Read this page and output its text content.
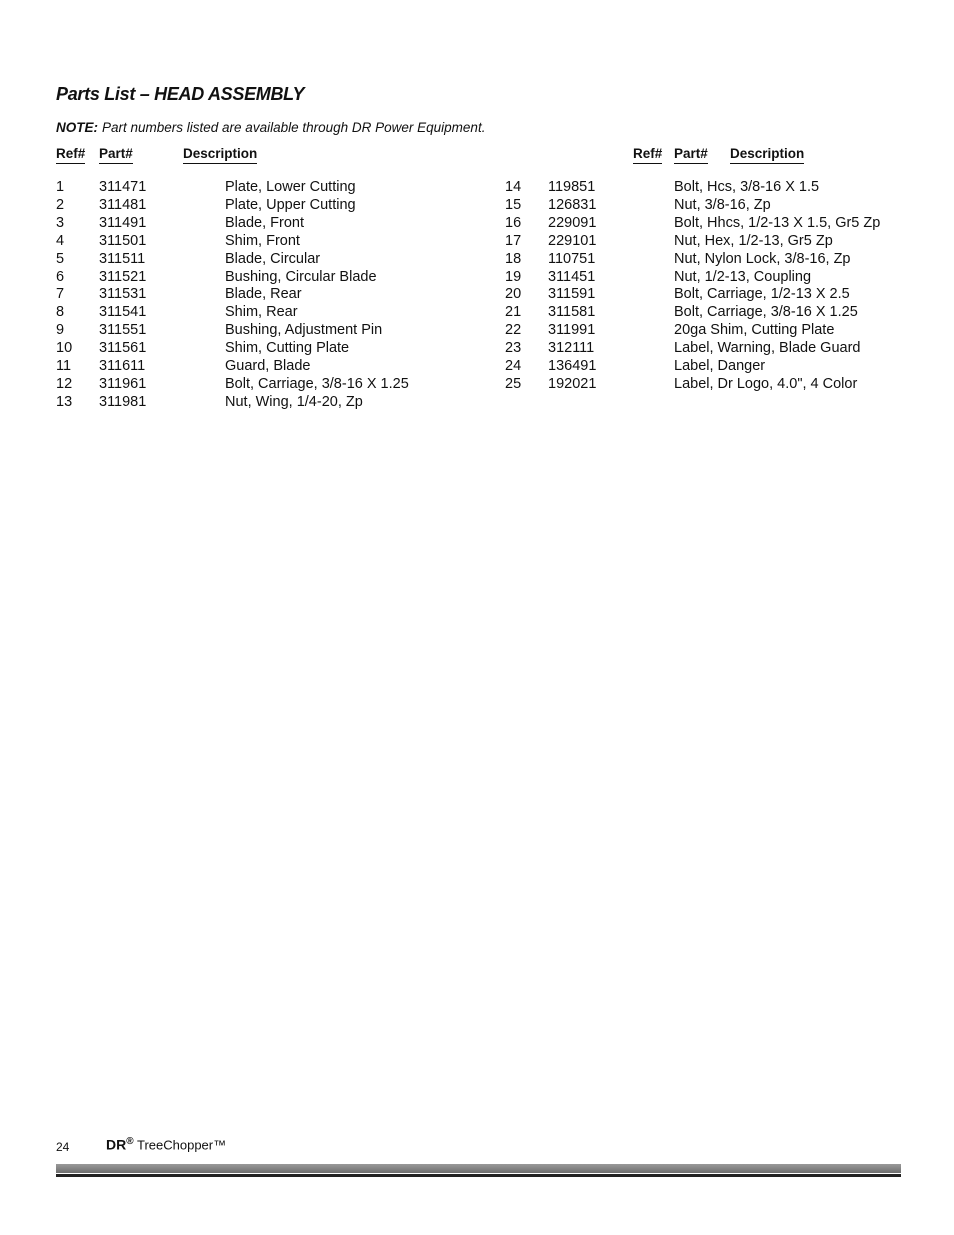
Parts List – HEAD ASSEMBLY
NOTE: Part numbers listed are available through DR Power Equipment.
Ref# Part#	Description	Ref# Part# Description
1 311471	Plate, Lower Cutting
2 311481	Plate, Upper Cutting
3 311491	Blade, Front
4 311501	Shim, Front
5 311511	Blade, Circular
6 311521	Bushing, Circular Blade
7 311531	Blade, Rear
8 311541	Shim, Rear
9 311551	Bushing, Adjustment Pin
10 311561	Shim, Cutting Plate
11 311611	Guard, Blade
12 311961	Bolt, Carriage, 3/8-16 X 1.25
13 311981	Nut, Wing, 1/4-20, Zp
14 119851	Bolt, Hcs, 3/8-16 X 1.5
15 126831	Nut, 3/8-16, Zp
16 229091	Bolt, Hhcs, 1/2-13 X 1.5, Gr5 Zp
17 229101	Nut, Hex, 1/2-13, Gr5 Zp
18 110751	Nut, Nylon Lock, 3/8-16, Zp
19 311451	Nut, 1/2-13, Coupling
20 311591	Bolt, Carriage, 1/2-13 X 2.5
21 311581	Bolt, Carriage, 3/8-16 X 1.25
22 311991	20ga Shim, Cutting Plate
23 312111	Label, Warning, Blade Guard
24 136491	Label, Danger
25 192021	Label, Dr Logo, 4.0", 4 Color
24	DR® TreeChopper™
